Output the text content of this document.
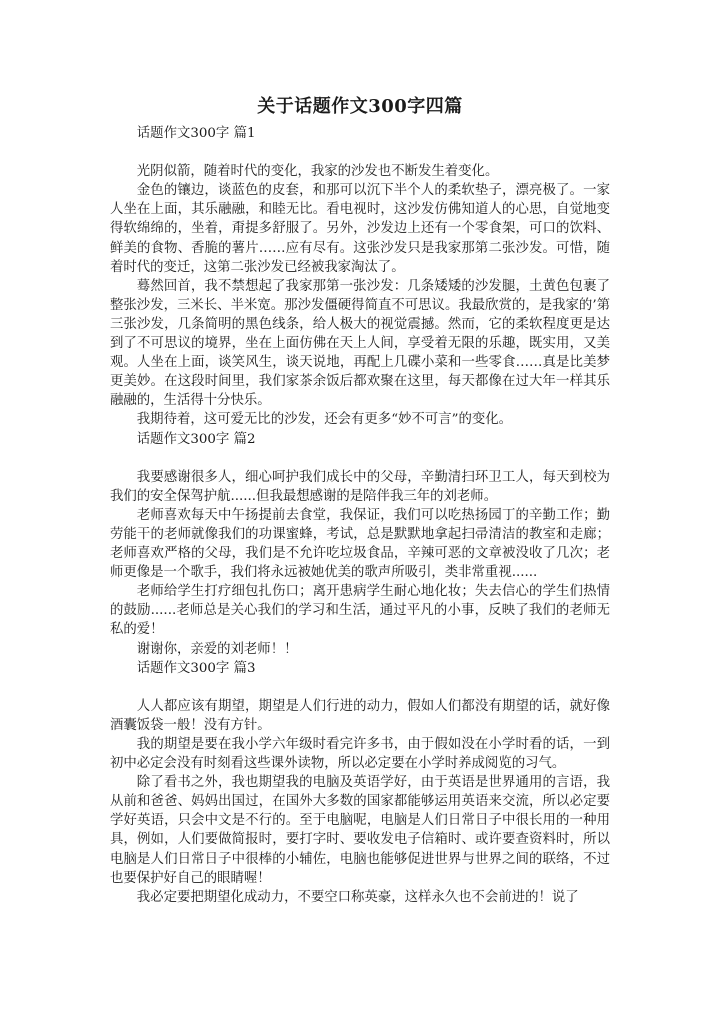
关于话题作文300字四篇
话题作文300字 篇1

光阴似箭，随着时代的变化，我家的沙发也不断发生着变化。

金色的镶边，谈蓝色的皮套，和那可以沉下半个人的柔软垫子，漂亮极了。一家人坐在上面，其乐融融，和睦无比。看电视时，这沙发仿佛知道人的心思，自觉地变得软绵绵的，坐着，甭提多舒服了。另外，沙发边上还有一个零食架，可口的饮料、鲜美的食物、香脆的薯片……应有尽有。这张沙发只是我家那第二张沙发。可惜，随着时代的变迁，这第二张沙发已经被我家淘汰了。

蓦然回首，我不禁想起了我家那第一张沙发：几条矮矮的沙发腿，土黄色包裹了整张沙发，三米长、半米宽。那沙发僵硬得简直不可思议。我最欣赏的，是我家的’第三张沙发，几条简明的黑色线条，给人极大的视觉震撼。然而，它的柔软程度更是达到了不可思议的境界，坐在上面仿佛在天上人间，享受着无限的乐趣，既实用，又美观。人坐在上面，谈笑风生，谈天说地，再配上几碟小菜和一些零食……真是比美梦更美妙。在这段时间里，我们家茶余饭后都欢聚在这里，每天都像在过大年一样其乐融融的，生活得十分快乐。

我期待着，这可爱无比的沙发，还会有更多“妙不可言”的变化。

话题作文300字 篇2

我要感谢很多人，细心呵护我们成长中的父母，辛勤清扫环卫工人，每天到校为我们的安全保驾护航......但我最想感谢的是陪伴我三年的刘老师。

老师喜欢每天中午扬提前去食堂，我保证，我们可以吃热扬园丁的辛勤工作；勤劳能干的老师就像我们的功课蜜蜂，考试，总是默默地拿起扫帚清洁的教室和走廊；老师喜欢严格的父母，我们是不允许吃垃圾食品，辛辣可恶的文章被没收了几次；老师更像是一个歌手，我们将永远被她优美的歌声所吸引，类非常重视......

老师给学生打疗细包扎伤口；离开患病学生耐心地化妆；失去信心的学生们热情的鼓励......老师总是关心我们的学习和生活，通过平凡的小事，反映了我们的老师无私的爱！

谢谢你，亲爱的刘老师！！

话题作文300字 篇3

人人都应该有期望，期望是人们行进的动力，假如人们都没有期望的话，就好像酒囊饭袋一般！没有方针。

我的期望是要在我小学六年级时看完许多书，由于假如没在小学时看的话，一到初中必定会没有时刻看这些课外读物，所以必定要在小学时养成阅览的习气。

除了看书之外，我也期望我的电脑及英语学好，由于英语是世界通用的言语，我从前和爸爸、妈妈出国过，在国外大多数的国家都能够运用英语来交流，所以必定要学好英语，只会中文是不行的。至于电脑呢，电脑是人们日常日子中很长用的一种用具，例如，人们要做简报时，要打字时、要收发电子信箱时、或许要查资料时，所以电脑是人们日常日子中很棒的小辅佐，电脑也能够促进世界与世界之间的联络，不过也要保护好自己的眼睛喔！

我必定要把期望化成动力，不要空口称英豪，这样永久也不会前进的！说了
